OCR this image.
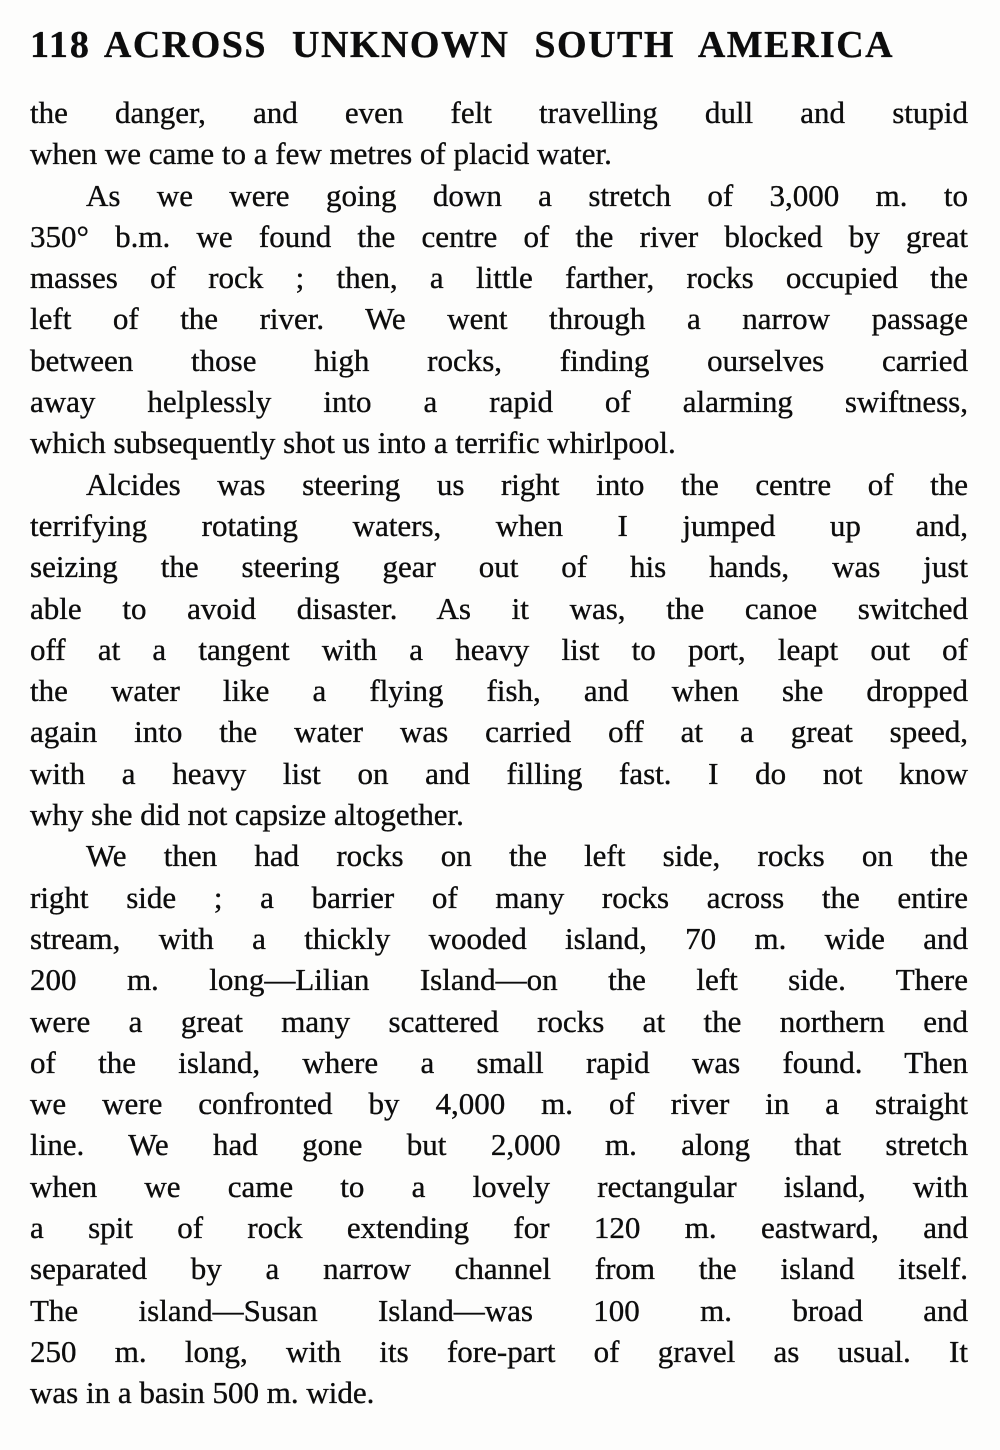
118 ACROSS UNKNOWN SOUTH AMERICA
the danger, and even felt travelling dull and stupid
when we came to a few metres of placid water.
As we were going down a stretch of 3,000 m. to
350° b.m. we found the centre of the river blocked by great
masses of rock ; then, a little farther, rocks occupied the
left of the river. We went through a narrow passage
between those high rocks, finding ourselves carried
away helplessly into a rapid of alarming swiftness,
which subsequently shot us into a terrific whirlpool.
Alcides was steering us right into the centre of the
terrifying rotating waters, when I jumped up and,
seizing the steering gear out of his hands, was just
able to avoid disaster. As it was, the canoe switched
off at a tangent with a heavy list to port, leapt out of
the water like a flying fish, and when she dropped
again into the water was carried off at a great speed,
with a heavy list on and filling fast. I do not know
why she did not capsize altogether.
We then had rocks on the left side, rocks on the
right side ; a barrier of many rocks across the entire
stream, with a thickly wooded island, 70 m. wide and
200 m. long—Lilian Island—on the left side. There
were a great many scattered rocks at the northern end
of the island, where a small rapid was found. Then
we were confronted by 4,000 m. of river in a straight
line. We had gone but 2,000 m. along that stretch
when we came to a lovely rectangular island, with
a spit of rock extending for 120 m. eastward, and
separated by a narrow channel from the island itself.
The island—Susan Island—was 100 m. broad and
250 m. long, with its fore-part of gravel as usual. It
was in a basin 500 m. wide.
